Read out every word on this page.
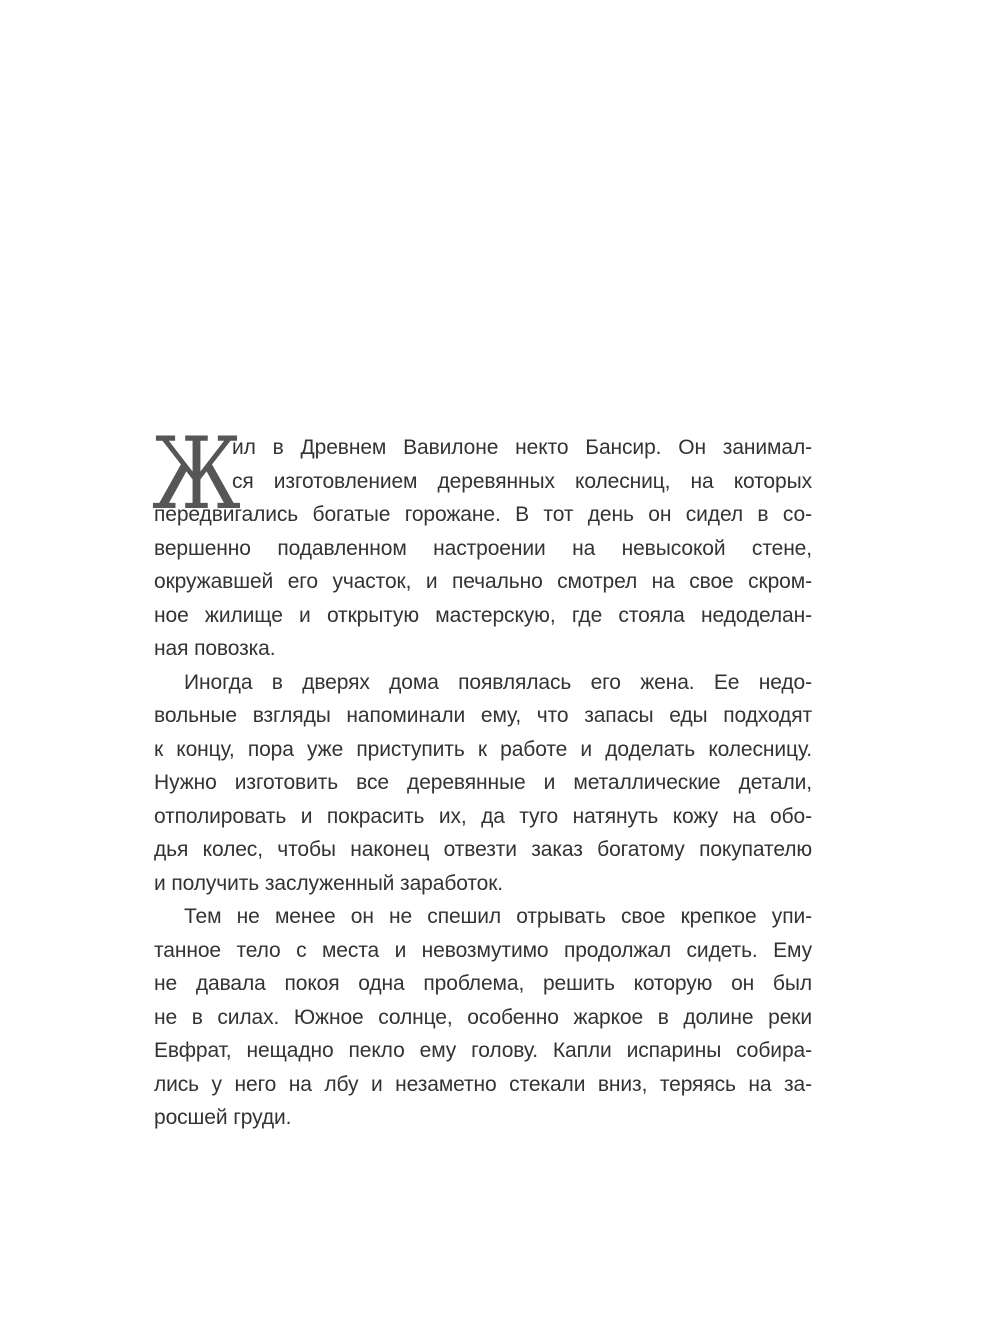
Ж
ил в Древнем Вавилоне некто Бансир. Он занимал-
ся изготовлением деревянных колесниц, на которых
передвигались богатые горожане. В тот день он сидел в со-
вершенно подавленном настроении на невысокой стене,
окружавшей его участок, и печально смотрел на свое скром-
ное жилище и открытую мастерскую, где стояла недоделан-
ная повозка.
Иногда в дверях дома появлялась его жена. Ее недо-
вольные взгляды напоминали ему, что запасы еды подходят
к концу, пора уже приступить к работе и доделать колесницу.
Нужно изготовить все деревянные и металлические детали,
отполировать и покрасить их, да туго натянуть кожу на обо-
дья колес, чтобы наконец отвезти заказ богатому покупателю
и получить заслуженный заработок.
Тем не менее он не спешил отрывать свое крепкое упи-
танное тело с места и невозмутимо продолжал сидеть. Ему
не давала покоя одна проблема, решить которую он был
не в силах. Южное солнце, особенно жаркое в долине реки
Евфрат, нещадно пекло ему голову. Капли испарины собира-
лись у него на лбу и незаметно стекали вниз, теряясь на за-
росшей груди.
